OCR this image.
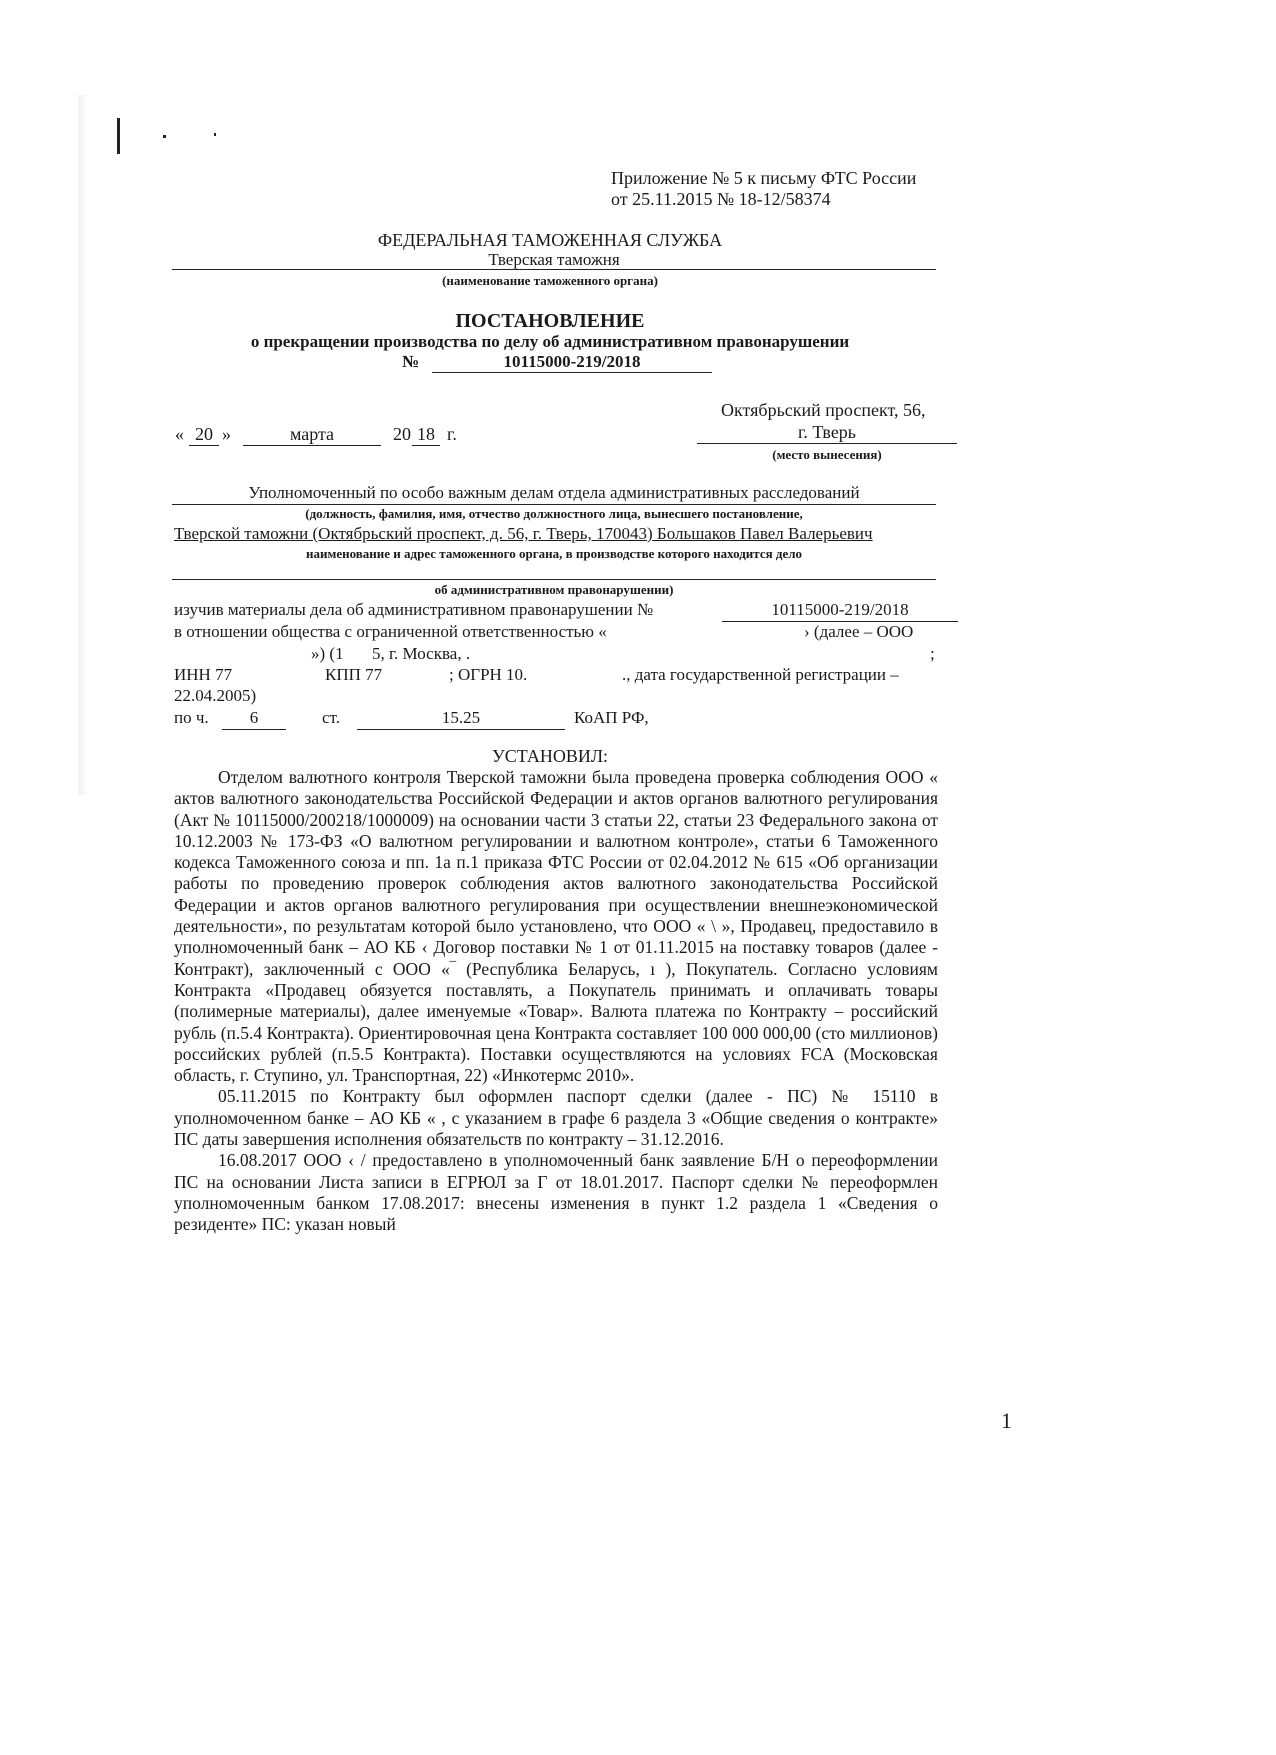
Приложение № 5 к письму ФТС России
от 25.11.2015 № 18-12/58374
ФЕДЕРАЛЬНАЯ ТАМОЖЕННАЯ СЛУЖБА
Тверская таможня
(наименование таможенного органа)
ПОСТАНОВЛЕНИЕ
о прекращении производства по делу об административном правонарушении
№	10115000-219/2018
« 20 »	марта	20 18 г.
Октябрьский проспект, 56,
г. Тверь
(место вынесения)
Уполномоченный по особо важным делам отдела административных расследований
(должность, фамилия, имя, отчество должностного лица, вынесшего постановление,
Тверской таможни (Октябрьский проспект, д. 56, г. Тверь, 170043) Большаков Павел Валерьевич
наименование и адрес таможенного органа, в производстве которого находится дело
об административном правонарушении)
изучив материалы дела об административном правонарушении №	10115000-219/2018
в отношении общества с ограниченной ответственностью «	› (далее – ООО
») (1 5, г. Москва, .	;
ИНН 77	КПП 77	; ОГРН 10.	., дата государственной регистрации –
22.04.2005)
по ч.	6	ст.	15.25	КоАП РФ,
УСТАНОВИЛ:

Отделом валютного контроля Тверской таможни была проведена проверка соблюдения ООО « актов валютного законодательства Российской Федерации и актов органов валютного регулирования (Акт № 10115000/200218/1000009) на основании части 3 статьи 22, статьи 23 Федерального закона от 10.12.2003 № 173-ФЗ «О валютном регулировании и валютном контроле», статьи 6 Таможенного кодекса Таможенного союза и пп. 1а п.1 приказа ФТС России от 02.04.2012 № 615 «Об организации работы по проведению проверок соблюдения актов валютного законодательства Российской Федерации и актов органов валютного регулирования при осуществлении внешнеэкономической деятельности», по результатам которой было установлено, что ООО « \ », Продавец, предоставило в уполномоченный банк – АО КБ ‹ Договор поставки № 1 от 01.11.2015 на поставку товаров (далее - Контракт), заключенный с ООО «‾ (Республика Беларусь, ı ), Покупатель. Согласно условиям Контракта «Продавец обязуется поставлять, а Покупатель принимать и оплачивать товары (полимерные материалы), далее именуемые «Товар». Валюта платежа по Контракту – российский рубль (п.5.4 Контракта). Ориентировочная цена Контракта составляет 100 000 000,00 (сто миллионов) российских рублей (п.5.5 Контракта). Поставки осуществляются на условиях FCA (Московская область, г. Ступино, ул. Транспортная, 22) «Инкотермс 2010».

05.11.2015 по Контракту был оформлен паспорт сделки (далее - ПС) № 15110 в уполномоченном банке – АО КБ « , с указанием в графе 6 раздела 3 «Общие сведения о контракте» ПС даты завершения исполнения обязательств по контракту – 31.12.2016.

16.08.2017 ООО ‹ / предоставлено в уполномоченный банк заявление Б/Н о переоформлении ПС на основании Листа записи в ЕГРЮЛ за Г от 18.01.2017. Паспорт сделки № переоформлен уполномоченным банком 17.08.2017: внесены изменения в пункт 1.2 раздела 1 «Сведения о резиденте» ПС: указан новый

1
